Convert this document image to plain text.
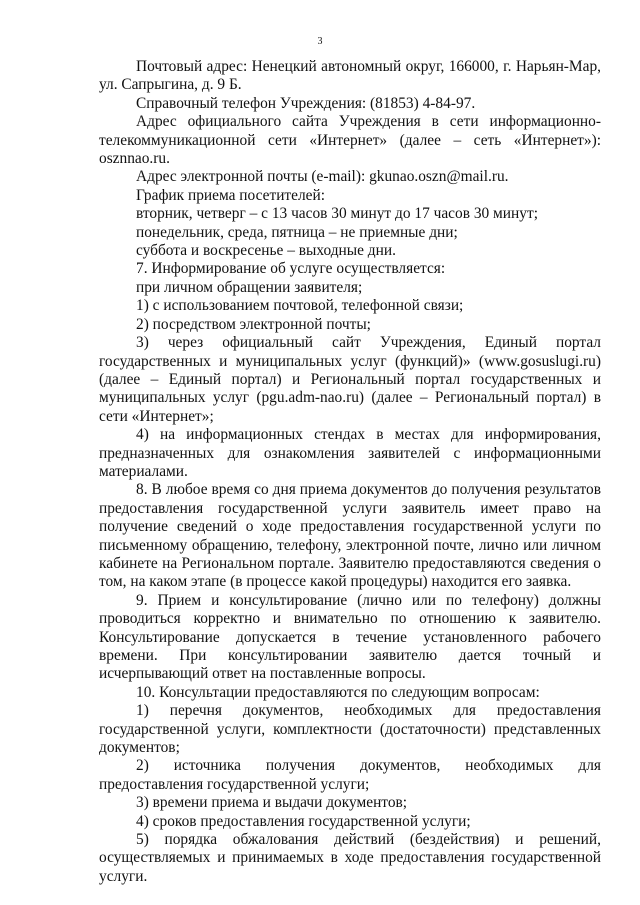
3

Почтовый адрес: Ненецкий автономный округ, 166000, г. Нарьян-Мар, ул. Сапрыгина, д. 9 Б.

Справочный телефон Учреждения: (81853) 4-84-97.

Адрес официального сайта Учреждения в сети информационно-телекоммуникационной сети «Интернет» (далее – сеть «Интернет»): osznnao.ru.

Адрес электронной почты (e-mail): gkunao.oszn@mail.ru.

График приема посетителей:

вторник, четверг – с 13 часов 30 минут до 17 часов 30 минут;

понедельник, среда, пятница – не приемные дни;

суббота и воскресенье – выходные дни.

7. Информирование об услуге осуществляется:

при личном обращении заявителя;

1) с использованием почтовой, телефонной связи;

2) посредством электронной почты;

3) через официальный сайт Учреждения, Единый портал государственных и муниципальных услуг (функций)» (www.gosuslugi.ru) (далее – Единый портал) и Региональный портал государственных и муниципальных услуг (pgu.adm-nao.ru) (далее – Региональный портал) в сети «Интернет»;

4) на информационных стендах в местах для информирования, предназначенных для ознакомления заявителей с информационными материалами.

8. В любое время со дня приема документов до получения результатов предоставления государственной услуги заявитель имеет право на получение сведений о ходе предоставления государственной услуги по письменному обращению, телефону, электронной почте, лично или личном кабинете на Региональном портале. Заявителю предоставляются сведения о том, на каком этапе (в процессе какой процедуры) находится его заявка.

9. Прием и консультирование (лично или по телефону) должны проводиться корректно и внимательно по отношению к заявителю. Консультирование допускается в течение установленного рабочего времени. При консультировании заявителю дается точный и исчерпывающий ответ на поставленные вопросы.

10. Консультации предоставляются по следующим вопросам:

1) перечня документов, необходимых для предоставления государственной услуги, комплектности (достаточности) представленных документов;

2) источника получения документов, необходимых для предоставления государственной услуги;

3) времени приема и выдачи документов;

4) сроков предоставления государственной услуги;

5) порядка обжалования действий (бездействия) и решений, осуществляемых и принимаемых в ходе предоставления государственной услуги.
